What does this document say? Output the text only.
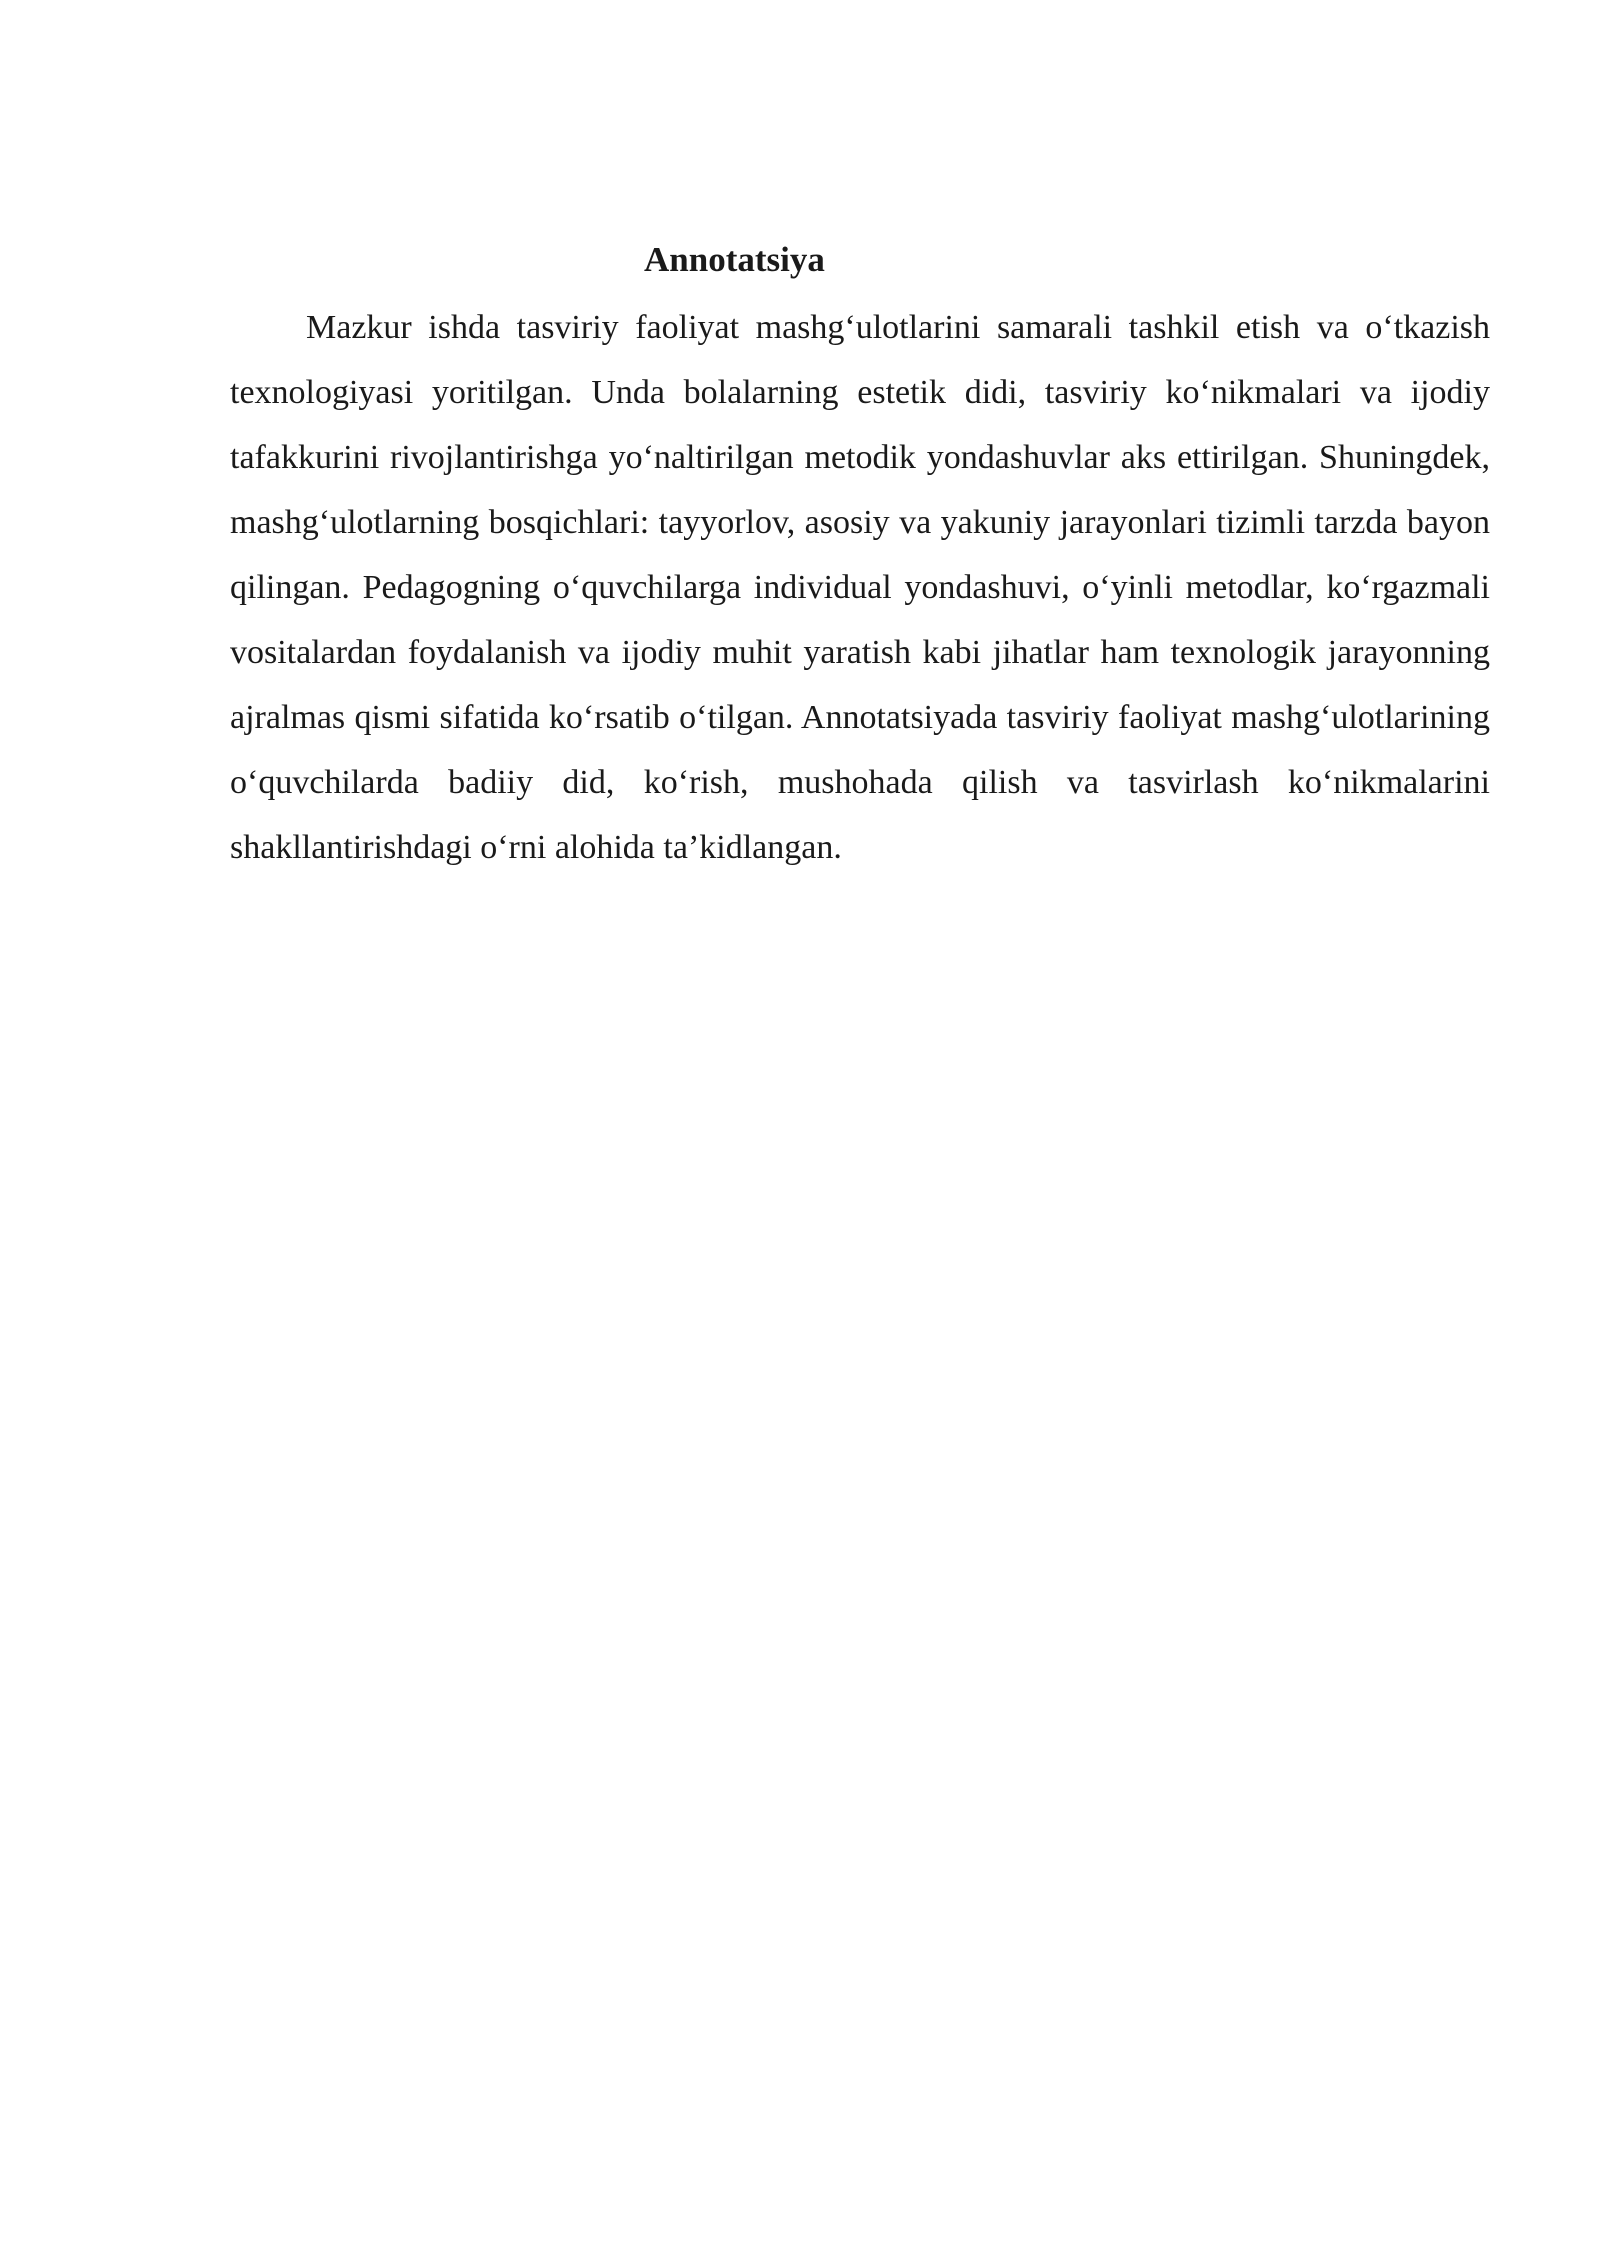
Annotatsiya

Mazkur ishda tasviriy faoliyat mashg‘ulotlarini samarali tashkil etish va o‘tkazish texnologiyasi yoritilgan. Unda bolalarning estetik didi, tasviriy ko‘nikmalari va ijodiy tafakkurini rivojlantirishga yo‘naltirilgan metodik yondashuvlar aks ettirilgan. Shuningdek, mashg‘ulotlarning bosqichlari: tayyorlov, asosiy va yakuniy jarayonlari tizimli tarzda bayon qilingan. Pedagogning o‘quvchilarga individual yondashuvi, o‘yinli metodlar, ko‘rgazmali vositalardan foydalanish va ijodiy muhit yaratish kabi jihatlar ham texnologik jarayonning ajralmas qismi sifatida ko‘rsatib o‘tilgan. Annotatsiyada tasviriy faoliyat mashg‘ulotlarining o‘quvchilarda badiiy did, ko‘rish, mushohada qilish va tasvirlash ko‘nikmalarini shakllantirishdagi o‘rni alohida ta’kidlangan.
